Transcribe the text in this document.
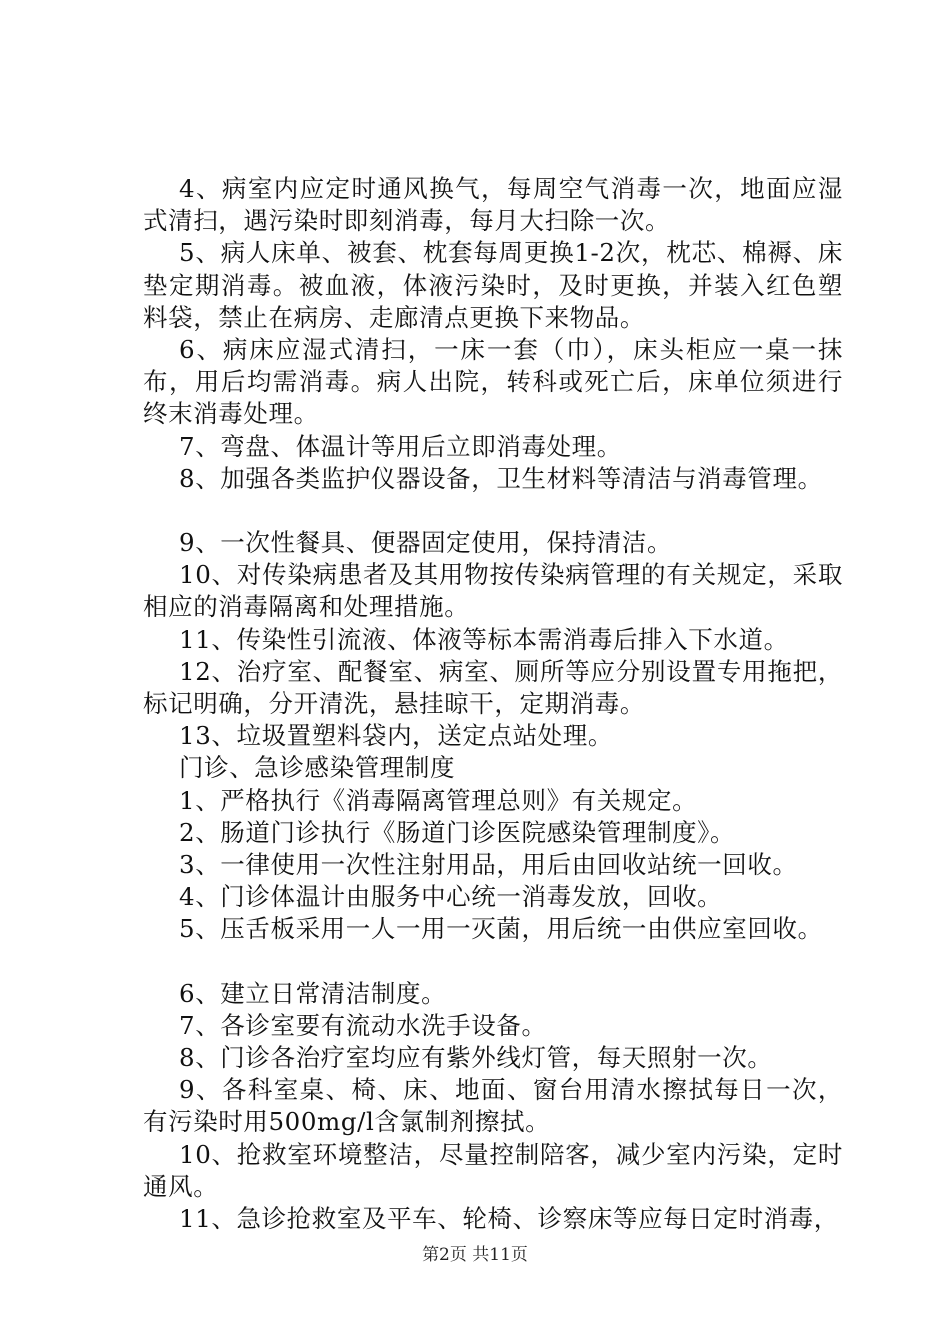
4、病室内应定时通风换气，每周空气消毒一次，地面应湿式清扫，遇污染时即刻消毒，每月大扫除一次。

5、病人床单、被套、枕套每周更换1-2次，枕芯、棉褥、床垫定期消毒。被血液，体液污染时，及时更换，并装入红色塑料袋，禁止在病房、走廊清点更换下来物品。

6、病床应湿式清扫，一床一套（巾），床头柜应一桌一抹布，用后均需消毒。病人出院，转科或死亡后，床单位须进行终末消毒处理。

7、弯盘、体温计等用后立即消毒处理。

8、加强各类监护仪器设备，卫生材料等清洁与消毒管理。

9、一次性餐具、便器固定使用，保持清洁。

10、对传染病患者及其用物按传染病管理的有关规定，采取相应的消毒隔离和处理措施。

11、传染性引流液、体液等标本需消毒后排入下水道。

12、治疗室、配餐室、病室、厕所等应分别设置专用拖把，标记明确，分开清洗，悬挂晾干，定期消毒。

13、垃圾置塑料袋内，送定点站处理。

门诊、急诊感染管理制度

1、严格执行《消毒隔离管理总则》有关规定。

2、肠道门诊执行《肠道门诊医院感染管理制度》。

3、一律使用一次性注射用品，用后由回收站统一回收。

4、门诊体温计由服务中心统一消毒发放，回收。

5、压舌板采用一人一用一灭菌，用后统一由供应室回收。

6、建立日常清洁制度。

7、各诊室要有流动水洗手设备。

8、门诊各治疗室均应有紫外线灯管，每天照射一次。

9、各科室桌、椅、床、地面、窗台用清水擦拭每日一次，有污染时用500mg/l含氯制剂擦拭。

10、抢救室环境整洁，尽量控制陪客，减少室内污染，定时通风。

11、急诊抢救室及平车、轮椅、诊察床等应每日定时消毒，

第2页 共11页
